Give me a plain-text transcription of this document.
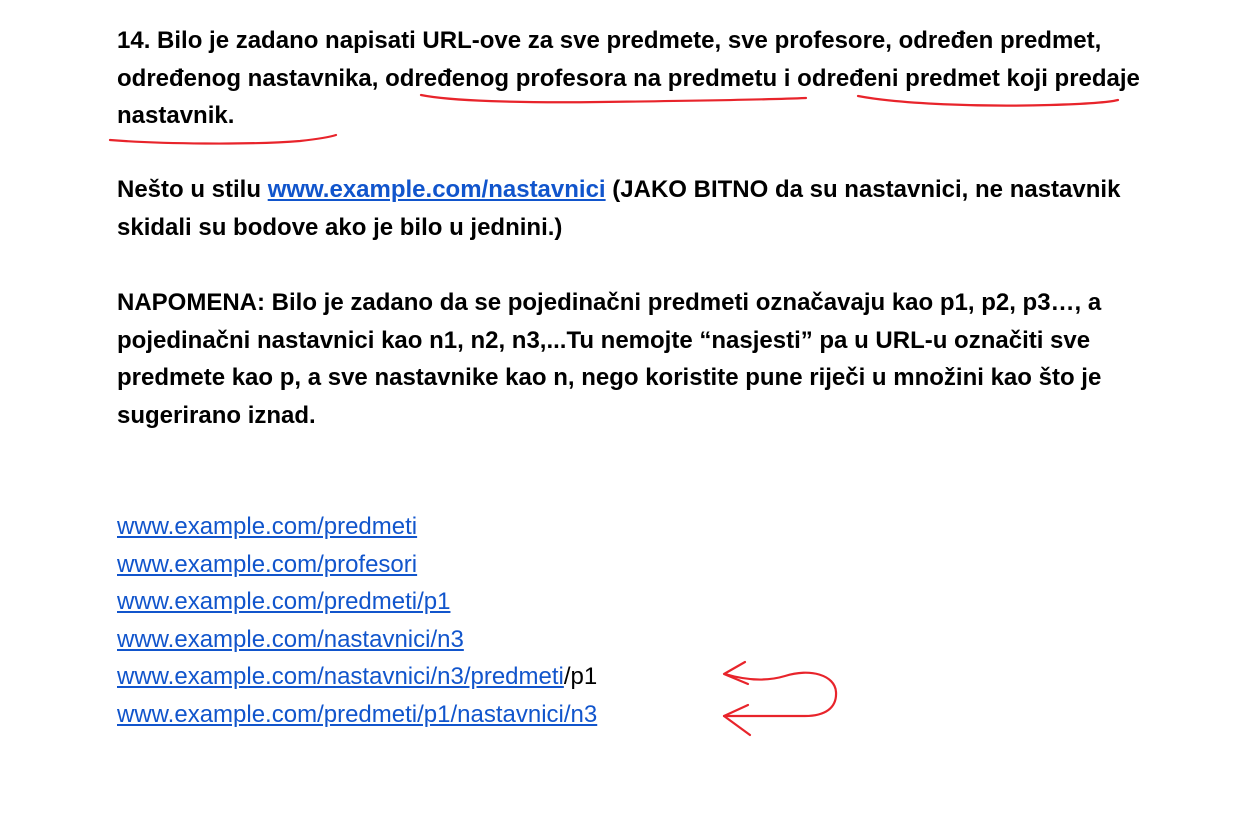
14. Bilo je zadano napisati URL-ove za sve predmete, sve profesore, određen predmet, određenog nastavnika, određenog profesora na predmetu i određeni predmet koji predaje nastavnik.
Nešto u stilu www.example.com/nastavnici (JAKO BITNO da su nastavnici, ne nastavnik skidali su bodove ako je bilo u jednini.)
NAPOMENA: Bilo je zadano da se pojedinačni predmeti označavaju kao p1, p2, p3…, a pojedinačni nastavnici kao n1, n2, n3,...Tu nemojte “nasjesti” pa u URL-u označiti sve predmete kao p, a sve nastavnike kao n, nego koristite pune riječi u množini kao što je sugerirano iznad.
www.example.com/predmeti
www.example.com/profesori
www.example.com/predmeti/p1
www.example.com/nastavnici/n3
www.example.com/nastavnici/n3/predmeti/p1
www.example.com/predmeti/p1/nastavnici/n3
